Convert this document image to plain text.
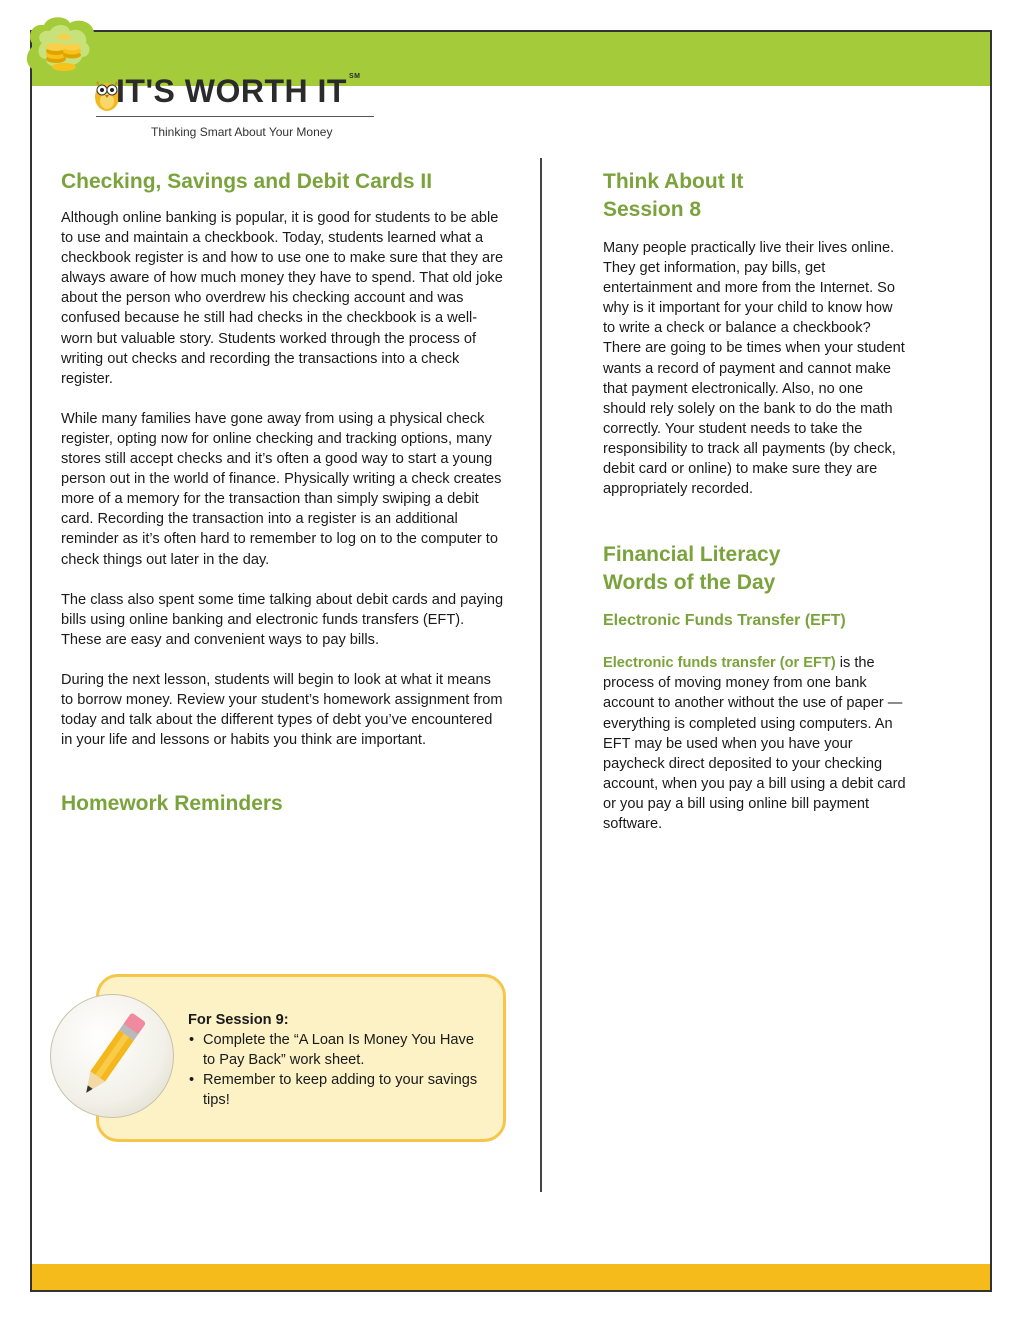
IT'S WORTH IT ℠
Thinking Smart About Your Money
Checking, Savings and Debit Cards II

Although online banking is popular, it is good for students to be able to use and maintain a checkbook. Today, students learned what a checkbook register is and how to use one to make sure that they are always aware of how much money they have to spend. That old joke about the person who overdrew his checking account and was confused because he still had checks in the checkbook is a well-worn but valuable story. Students worked through the process of writing out checks and recording the transactions into a check register.

While many families have gone away from using a physical check register, opting now for online checking and tracking options, many stores still accept checks and it’s often a good way to start a young person out in the world of finance. Physically writing a check creates more of a memory for the transaction than simply swiping a debit card. Recording the transaction into a register is an additional reminder as it’s often hard to remember to log on to the computer to check things out later in the day.

The class also spent some time talking about debit cards and paying bills using online banking and electronic funds transfers (EFT). These are easy and convenient ways to pay bills.

During the next lesson, students will begin to look at what it means to borrow money. Review your student’s homework assignment from today and talk about the different types of debt you’ve encountered in your life and lessons or habits you think are important.

Homework Reminders
For Session 9:
• Complete the “A Loan Is Money You Have to Pay Back” work sheet.
• Remember to keep adding to your savings tips!
Think About It
Session 8

Many people practically live their lives online. They get information, pay bills, get entertainment and more from the Internet. So why is it important for your child to know how to write a check or balance a checkbook? There are going to be times when your student wants a record of payment and cannot make that payment electronically. Also, no one should rely solely on the bank to do the math correctly. Your student needs to take the responsibility to track all payments (by check, debit card or online) to make sure they are appropriately recorded.

Financial Literacy
Words of the Day
Electronic Funds Transfer (EFT)

Electronic funds transfer (or EFT) is the process of moving money from one bank account to another without the use of paper — everything is completed using computers. An EFT may be used when you have your paycheck direct deposited to your checking account, when you pay a bill using a debit card or you pay a bill using online bill payment software.
